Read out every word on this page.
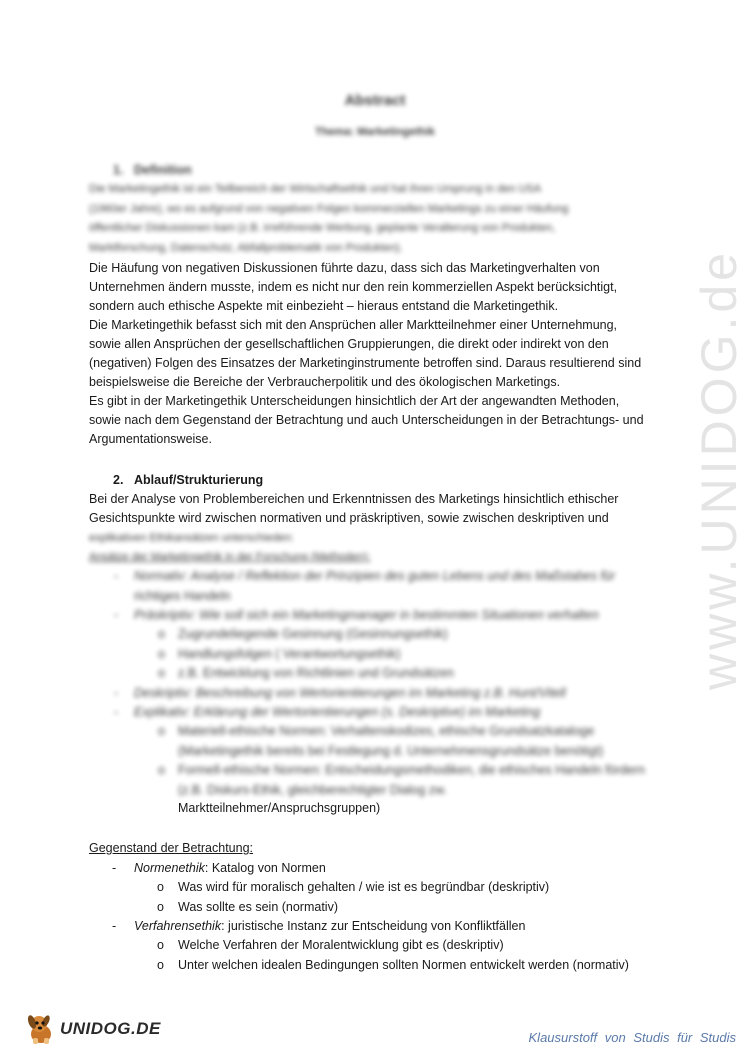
Abstract
Thema: Marketingethik
1. Definition
Die Marketingethik ist ein Teilbereich der Wirtschaftsethik und hat ihren Ursprung in den USA
(1960er Jahre), wo es aufgrund von negativen Folgen kommerziellen Marketings zu einer Häufung
öffentlicher Diskussionen kam (z.B. irreführende Werbung, geplante Veralterung von Produkten,
Marktforschung, Datenschutz, Abfallproblematik von Produkten).
Die Häufung von negativen Diskussionen führte dazu, dass sich das Marketingverhalten von
Unternehmen ändern musste, indem es nicht nur den rein kommerziellen Aspekt berücksichtigt,
sondern auch ethische Aspekte mit einbezieht – hieraus entstand die Marketingethik.
Die Marketingethik befasst sich mit den Ansprüchen aller Marktteilnehmer einer Unternehmung,
sowie allen Ansprüchen der gesellschaftlichen Gruppierungen, die direkt oder indirekt von den
(negativen) Folgen des Einsatzes der Marketinginstrumente betroffen sind. Daraus resultierend sind
beispielsweise die Bereiche der Verbraucherpolitik und des ökologischen Marketings.
Es gibt in der Marketingethik Unterscheidungen hinsichtlich der Art der angewandten Methoden,
sowie nach dem Gegenstand der Betrachtung und auch Unterscheidungen in der Betrachtungs- und
Argumentationsweise.
2. Ablauf/Strukturierung
Bei der Analyse von Problembereichen und Erkenntnissen des Marketings hinsichtlich ethischer
Gesichtspunkte wird zwischen normativen und präskriptiven, sowie zwischen deskriptiven und
explikativen Ethikansätzen unterschieden:
Ansätze der Marketingethik in der Forschung (Methoden):
- Normativ: Analyse / Reflektion der Prinzipien des guten Lebens und des Maßstabes für
richtiges Handeln
- Präskriptiv: Wie soll sich ein Marketingmanager in bestimmten Situationen verhalten
o Zugrundeliegende Gesinnung (Gesinnungsethik)
o Handlungsfolgen ( Verantwortungsethik)
o z.B. Entwicklung von Richtlinien und Grundsätzen
- Deskriptiv: Beschreibung von Wertorientierungen im Marketing z.B. Hunt/Vitell
- Explikativ: Erklärung der Wertorientierungen (s. Deskriptive) im Marketing
o Materiell-ethische Normen: Verhaltenskodizes, ethische Grundsatzkataloge
(Marketingethik bereits bei Festlegung d. Unternehmensgrundsätze benötigt)
o Formell-ethische Normen: Entscheidungsmethodiken, die ethisches Handeln fördern
(z.B. Diskurs-Ethik, gleichberechtigter Dialog zw.
Marktteilnehmer/Anspruchsgruppen)
Gegenstand der Betrachtung:
- Normenethik: Katalog von Normen
o Was wird für moralisch gehalten / wie ist es begründbar (deskriptiv)
o Was sollte es sein (normativ)
- Verfahrensethik: juristische Instanz zur Entscheidung von Konfliktfällen
o Welche Verfahren der Moralentwicklung gibt es (deskriptiv)
o Unter welchen idealen Bedingungen sollten Normen entwickelt werden (normativ)
www.UNIDOG.de
UNIDOG.DE	Klausurstoff von Studis für Studis
